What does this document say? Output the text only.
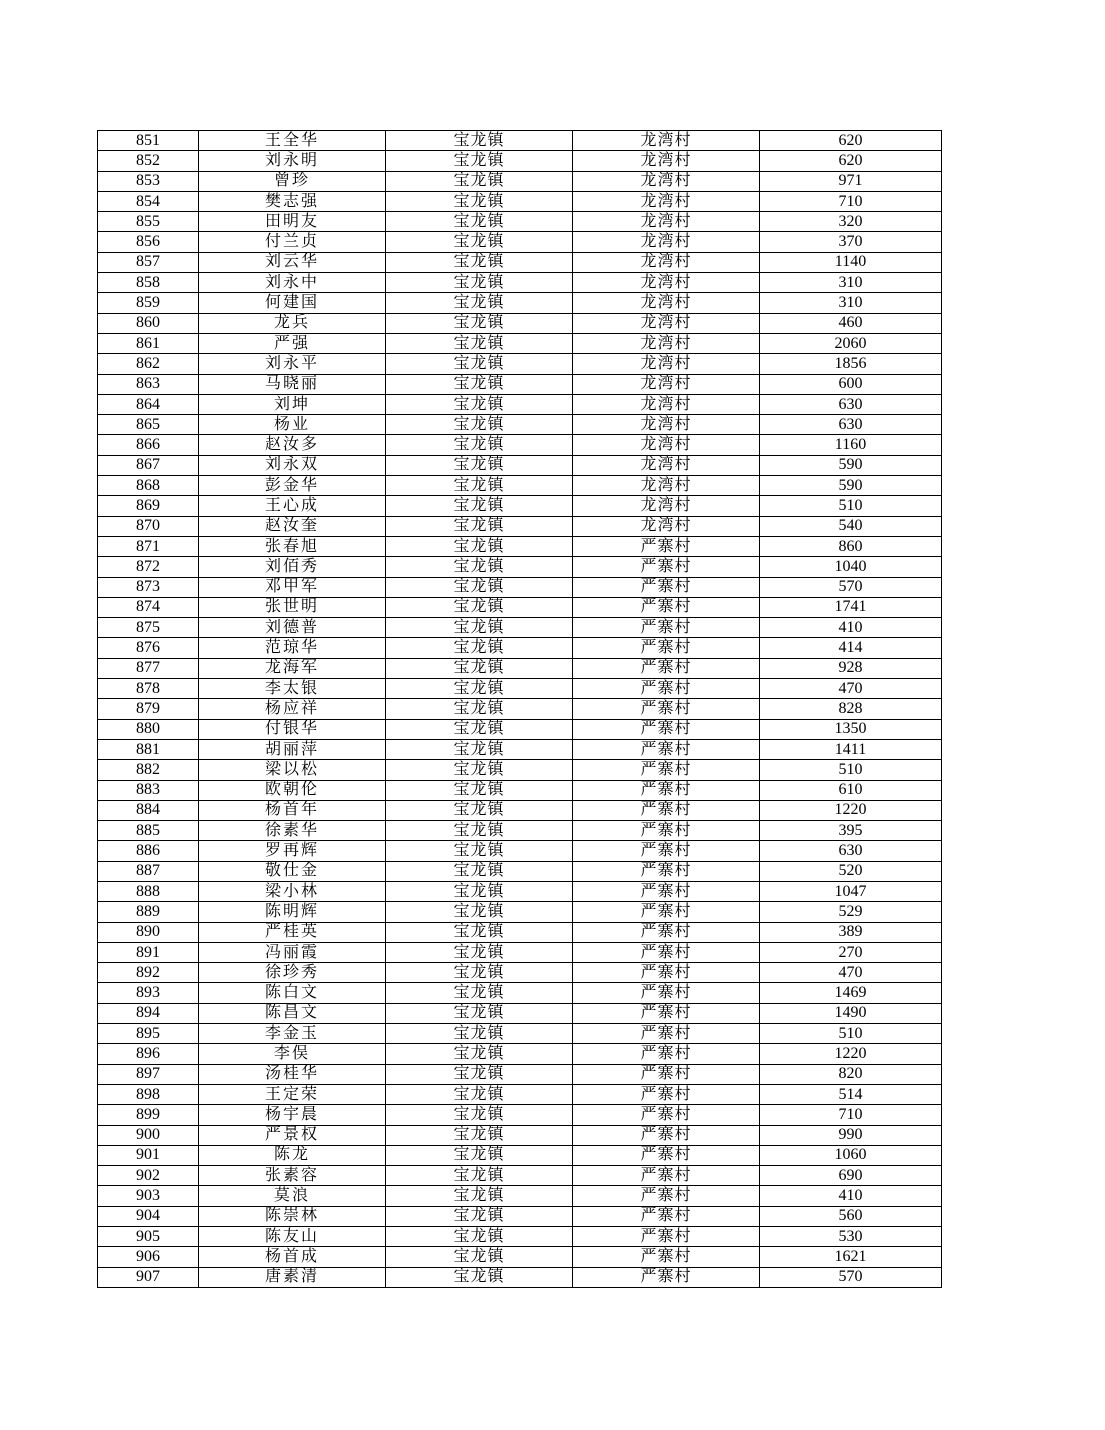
851	王全华	宝龙镇	龙湾村	620
852	刘永明	宝龙镇	龙湾村	620
853	曾珍	宝龙镇	龙湾村	971
854	樊志强	宝龙镇	龙湾村	710
855	田明友	宝龙镇	龙湾村	320
856	付兰贞	宝龙镇	龙湾村	370
857	刘云华	宝龙镇	龙湾村	1140
858	刘永中	宝龙镇	龙湾村	310
859	何建国	宝龙镇	龙湾村	310
860	龙兵	宝龙镇	龙湾村	460
861	严强	宝龙镇	龙湾村	2060
862	刘永平	宝龙镇	龙湾村	1856
863	马晓丽	宝龙镇	龙湾村	600
864	刘坤	宝龙镇	龙湾村	630
865	杨业	宝龙镇	龙湾村	630
866	赵汝多	宝龙镇	龙湾村	1160
867	刘永双	宝龙镇	龙湾村	590
868	彭金华	宝龙镇	龙湾村	590
869	王心成	宝龙镇	龙湾村	510
870	赵汝奎	宝龙镇	龙湾村	540
871	张春旭	宝龙镇	严寨村	860
872	刘佰秀	宝龙镇	严寨村	1040
873	邓甲军	宝龙镇	严寨村	570
874	张世明	宝龙镇	严寨村	1741
875	刘德普	宝龙镇	严寨村	410
876	范琼华	宝龙镇	严寨村	414
877	龙海军	宝龙镇	严寨村	928
878	李太银	宝龙镇	严寨村	470
879	杨应祥	宝龙镇	严寨村	828
880	付银华	宝龙镇	严寨村	1350
881	胡丽萍	宝龙镇	严寨村	1411
882	梁以松	宝龙镇	严寨村	510
883	欧朝伦	宝龙镇	严寨村	610
884	杨首年	宝龙镇	严寨村	1220
885	徐素华	宝龙镇	严寨村	395
886	罗再辉	宝龙镇	严寨村	630
887	敬仕金	宝龙镇	严寨村	520
888	梁小林	宝龙镇	严寨村	1047
889	陈明辉	宝龙镇	严寨村	529
890	严桂英	宝龙镇	严寨村	389
891	冯丽霞	宝龙镇	严寨村	270
892	徐珍秀	宝龙镇	严寨村	470
893	陈白文	宝龙镇	严寨村	1469
894	陈昌文	宝龙镇	严寨村	1490
895	李金玉	宝龙镇	严寨村	510
896	李俣	宝龙镇	严寨村	1220
897	汤桂华	宝龙镇	严寨村	820
898	王定荣	宝龙镇	严寨村	514
899	杨宇晨	宝龙镇	严寨村	710
900	严景权	宝龙镇	严寨村	990
901	陈龙	宝龙镇	严寨村	1060
902	张素容	宝龙镇	严寨村	690
903	莫浪	宝龙镇	严寨村	410
904	陈崇林	宝龙镇	严寨村	560
905	陈友山	宝龙镇	严寨村	530
906	杨首成	宝龙镇	严寨村	1621
907	唐素清	宝龙镇	严寨村	570
